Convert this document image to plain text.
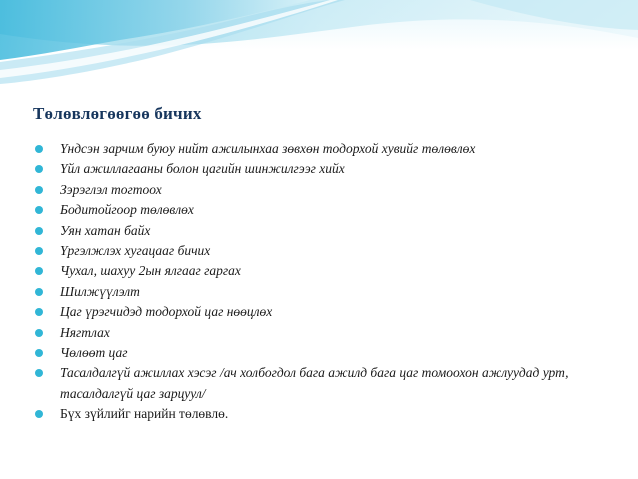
Төлөвлөгөөгөө бичих
Үндсэн зарчим буюу нийт ажилынхаа зөвхөн тодорхой хувийг төлөвлөх
Үйл ажиллагааны болон цагийн шинжилгээг хийх
Зэрэглэл тогтоох
Бодитойгоор төлөвлөх
Уян хатан байх
Үргэлжлэх хугацааг бичих
Чухал, шахуу 2ын ялгааг гаргах
Шилжүүлэлт
Цаг үрэгчидэд тодорхой цаг нөөцлөх
Нягтлах
Чөлөөт цаг
Тасалдалгүй ажиллах хэсэг /ач холбогдол бага ажилд бага цаг томоохон ажлуудад урт, тасалдалгүй цаг зарцуул/
Бүх зүйлийг нарийн төлөвлө.
